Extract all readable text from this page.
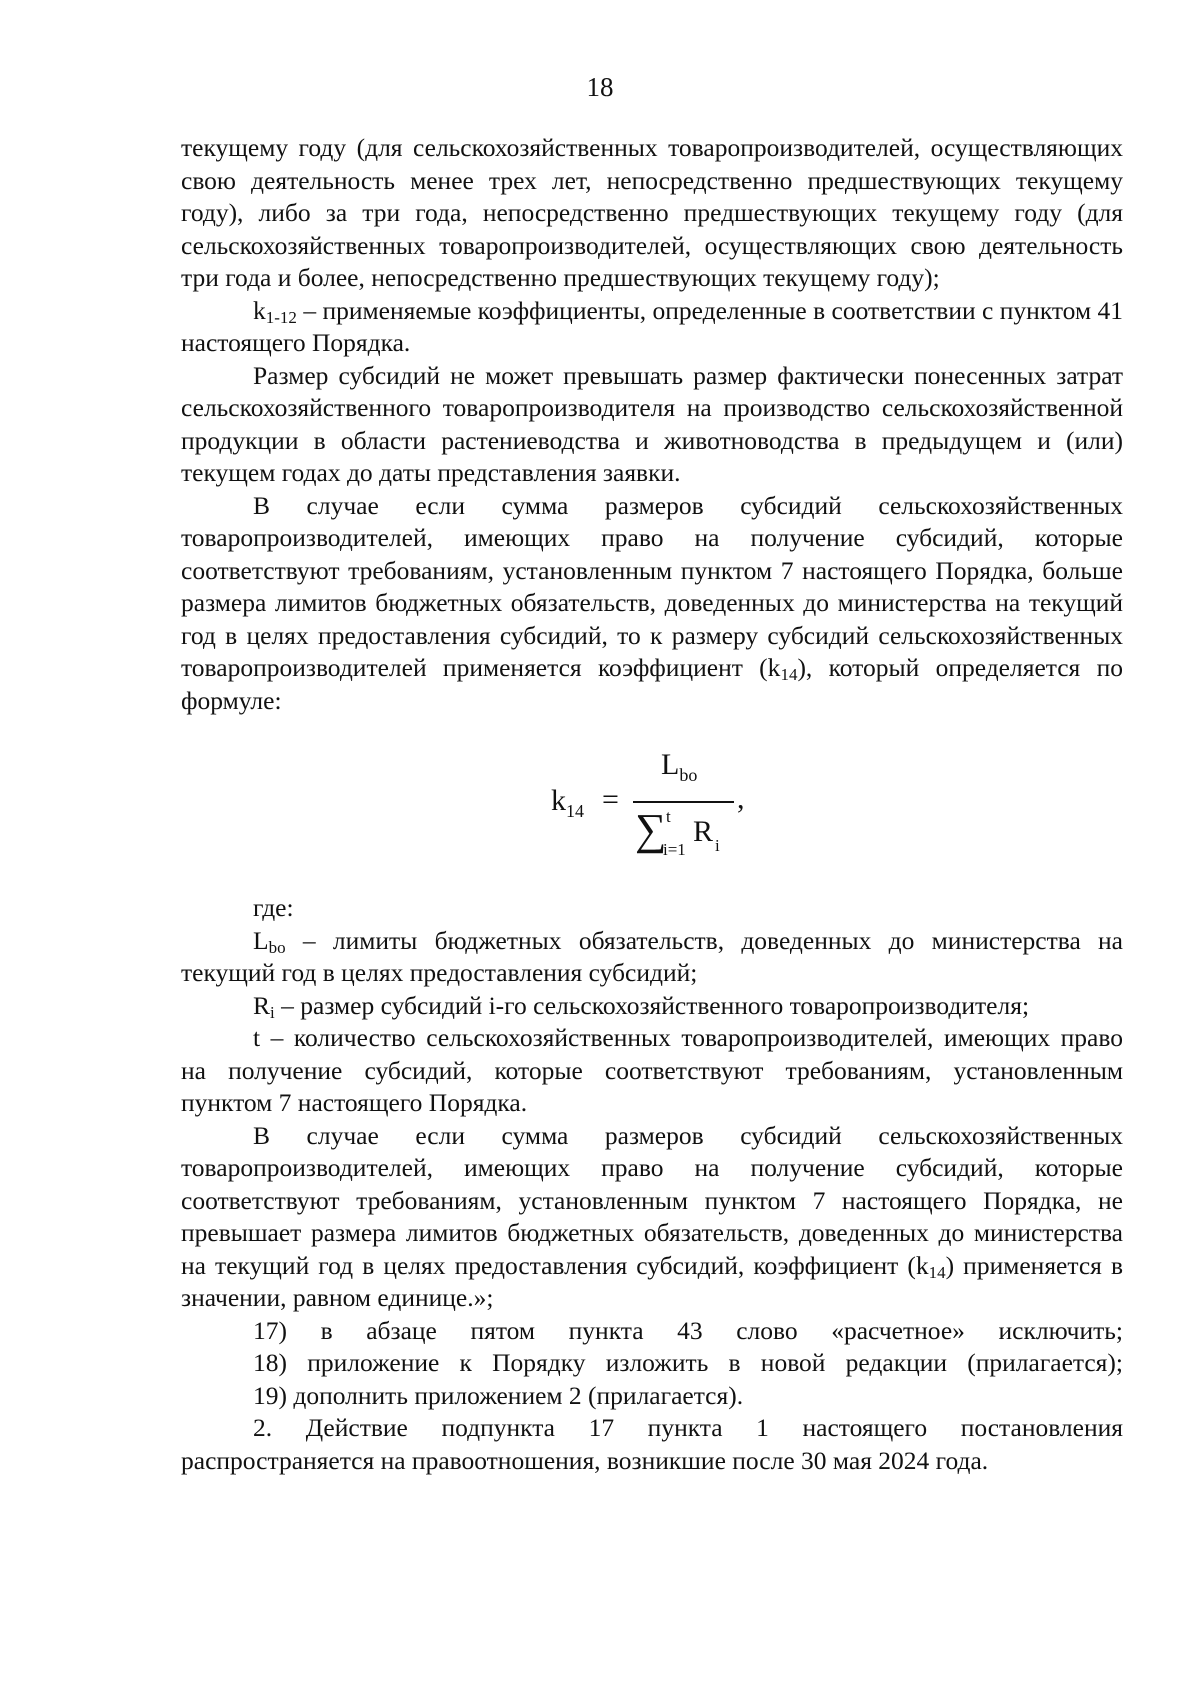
18

текущему году (для сельскохозяйственных товаропроизводителей, осуществляющих свою деятельность менее трех лет, непосредственно предшествующих текущему году), либо за три года, непосредственно предшествующих текущему году (для сельскохозяйственных товаропроизводителей, осуществляющих свою деятельность три года и более, непосредственно предшествующих текущему году);

$k_{1-12}$ – применяемые коэффициенты, определенные в соответствии с пунктом 41 настоящего Порядка.

Размер субсидий не может превышать размер фактически понесенных затрат сельскохозяйственного товаропроизводителя на производство сельскохозяйственной продукции в области растениеводства и животноводства в предыдущем и (или) текущем годах до даты представления заявки.

В случае если сумма размеров субсидий сельскохозяйственных товаропроизводителей, имеющих право на получение субсидий, которые соответствуют требованиям, установленным пунктом 7 настоящего Порядка, больше размера лимитов бюджетных обязательств, доведенных до министерства на текущий год в целях предоставления субсидий, то к размеру субсидий сельскохозяйственных товаропроизводителей применяется коэффициент $(k_{14})$, который определяется по формуле:

$k_{14}$ =
$L_{bo}$
,
∑ t
i=1
R i

где:

$L_{bo}$ – лимиты бюджетных обязательств, доведенных до министерства на текущий год в целях предоставления субсидий;

$R_i$ – размер субсидий i-го сельскохозяйственного товаропроизводителя;

t – количество сельскохозяйственных товаропроизводителей, имеющих право на получение субсидий, которые соответствуют требованиям, установленным пунктом 7 настоящего Порядка.

В случае если сумма размеров субсидий сельскохозяйственных товаропроизводителей, имеющих право на получение субсидий, которые соответствуют требованиям, установленным пунктом 7 настоящего Порядка, не превышает размера лимитов бюджетных обязательств, доведенных до министерства на текущий год в целях предоставления субсидий, коэффициент $(k_{14})$ применяется в значении, равном единице.»;

17) в абзаце пятом пункта 43 слово «расчетное» исключить;

18) приложение к Порядку изложить в новой редакции (прилагается);

19) дополнить приложением 2 (прилагается).

2. Действие подпункта 17 пункта 1 настоящего постановления распространяется на правоотношения, возникшие после 30 мая 2024 года.
